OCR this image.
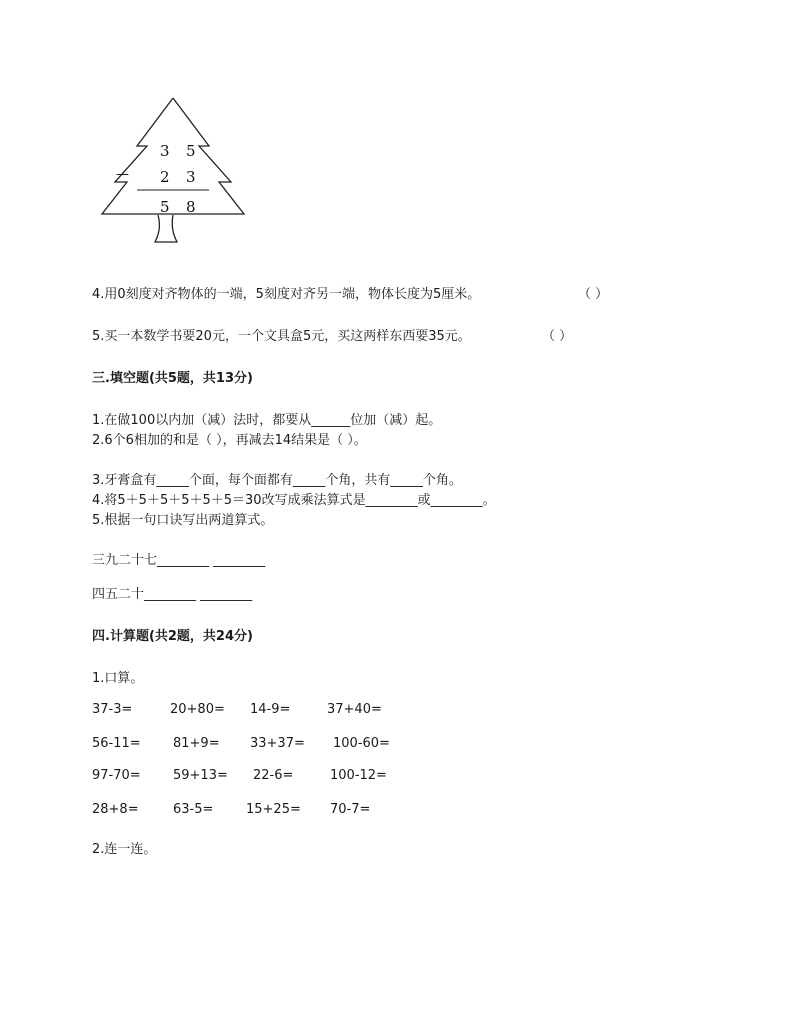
3 5
— 2 3
5 8
4.用0刻度对齐物体的一端，5刻度对齐另一端，物体长度为5厘米。	（ ）
5.买一本数学书要20元，一个文具盒5元，买这两样东西要35元。	（ ）
三.填空题(共5题，共13分)
1.在做100以内加（减）法时，都要从______位加（减）起。
2.6个6相加的和是（ ），再减去14结果是（ ）。
3.牙膏盒有_____个面，每个面都有_____个角，共有_____个角。
4.将5＋5＋5＋5＋5＋5＝30改写成乘法算式是________或________。
5.根据一句口诀写出两道算式。
三九二十七________ ________
四五二十________ ________
四.计算题(共2题，共24分)
1.口算。
37-3=	20+80= 14-9=	37+40=
56-11= 81+9= 33+37= 100-60=
97-70= 59+13= 22-6=	100-12=
28+8=	63-5=	15+25= 70-7=
2.连一连。
